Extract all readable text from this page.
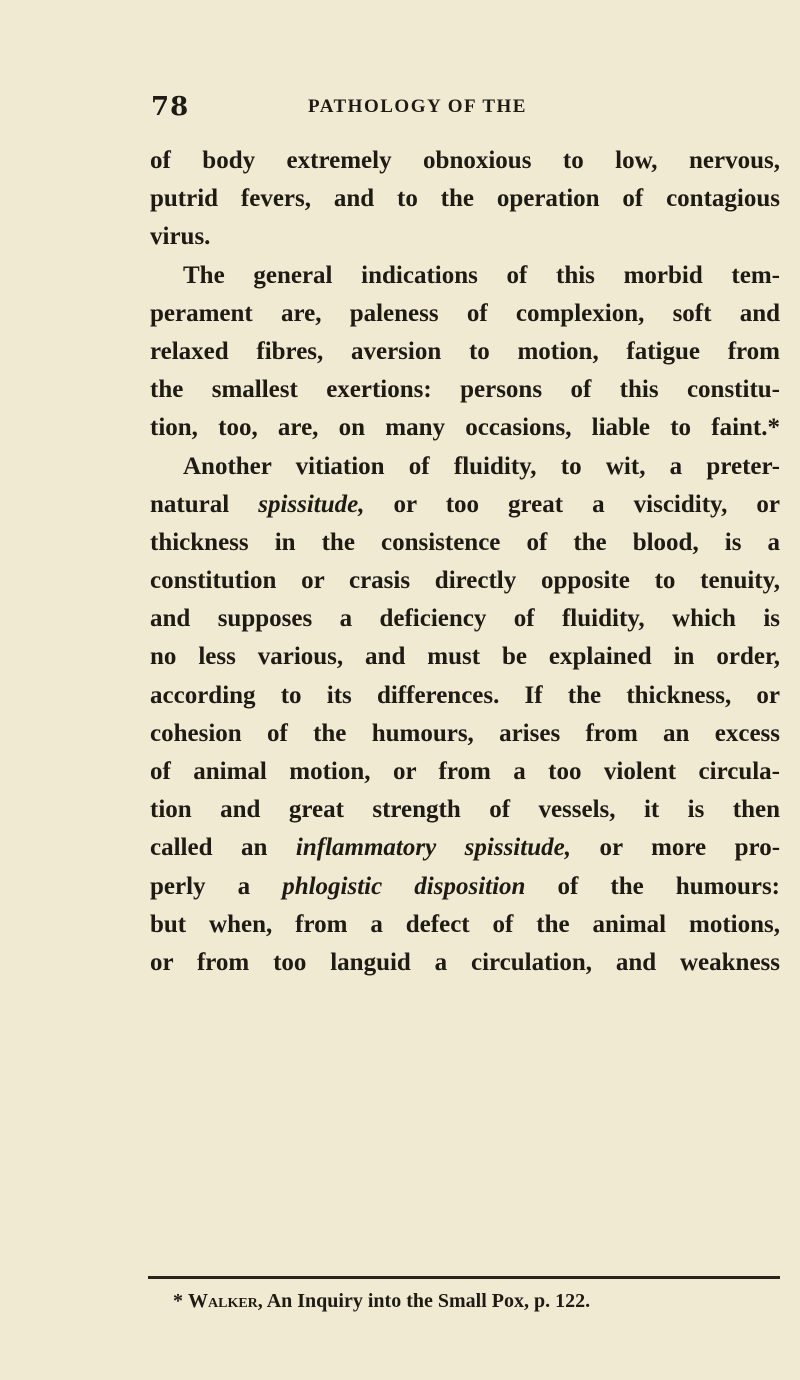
78	PATHOLOGY OF THE
of body extremely obnoxious to low, nervous,
putrid fevers, and to the operation of contagious
virus.
The general indications of this morbid tem-
perament are, paleness of complexion, soft and
relaxed fibres, aversion to motion, fatigue from
the smallest exertions: persons of this constitu-
tion, too, are, on many occasions, liable to faint.*
Another vitiation of fluidity, to wit, a preter-
natural spissitude, or too great a viscidity, or
thickness in the consistence of the blood, is a
constitution or crasis directly opposite to tenuity,
and supposes a deficiency of fluidity, which is
no less various, and must be explained in order,
according to its differences. If the thickness, or
cohesion of the humours, arises from an excess
of animal motion, or from a too violent circula-
tion and great strength of vessels, it is then
called an inflammatory spissitude, or more pro-
perly a phlogistic disposition of the humours:
but when, from a defect of the animal motions,
or from too languid a circulation, and weakness
* Walker, An Inquiry into the Small Pox, p. 122.
